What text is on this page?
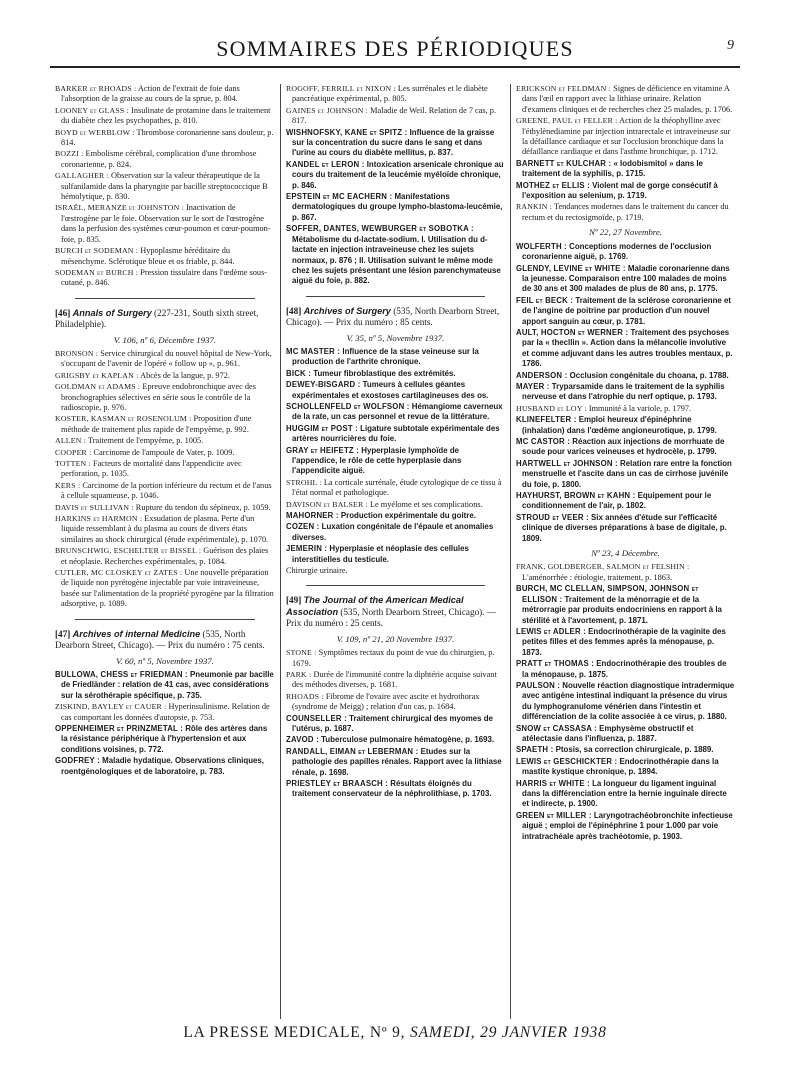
SOMMAIRES DES PÉRIODIQUES	9
BARKER et RHOADS : Action de l'extrait de foie dans l'absorption de la graisse au cours de la sprue, p. 804.
LOONEY et GLASS : Insulinate de protamine dans le traitement du diabète chez les psychopathes, p. 810.
BOYD et WERBLOW : Thrombose coronarienne sans douleur, p. 814.
BOZZI : Embolisme cérébral, complication d'une thrombose coronarienne, p. 824.
GALLAGHER : Observation sur la valeur thérapeutique de la sulfanilamide dans la pharyngite par bacille streptococcique B hémolytique, p. 830.
ISRAËL, MERANZE et JOHNSTON : Inactivation de l'œstrogène par le foie. Observation sur le sort de l'œstrogène dans la perfusion des systèmes cœur-poumon et cœur-poumon-foie, p. 835.
BURCH et SODEMAN : Hypoplasme héréditaire du mésenchyme. Sclérotique bleue et os friable, p. 844.
SODEMAN et BURCH : Pression tissulaire dans l'œdème sous-cutané, p. 846.
[46] Annals of Surgery (227-231, South sixth street, Philadelphie).
V. 106, nº 6, Décembre 1937.
BRONSON : Service chirurgical du nouvel hôpital de New-York, s'occupant de l'avenir de l'opéré « follow up », p. 961.
GRIGSBY et KAPLAN : Abcès de la langue, p. 972.
GOLDMAN et ADAMS : Epreuve endobronchique avec des bronchographies sélectives en série sous le contrôle de la radioscopie, p. 976.
KOSTER, KASMAN et ROSENOLUM : Proposition d'une méthode de traitement plus rapide de l'empyème, p. 992.
ALLEN : Traitement de l'empyème, p. 1005.
COOPER : Carcinome de l'ampoule de Vater, p. 1009.
TOTTEN : Facteurs de mortalité dans l'appendicite avec perforation, p. 1035.
KERS : Carcinome de la portion inférieure du rectum et de l'anus à cellule squameuse, p. 1046.
DAVIS et SULLIVAN : Rupture du tendon du sépineux, p. 1059.
HARKINS et HARMON : Exsudation de plasma. Perte d'un liquide ressemblant à du plasma au cours de divers états similaires au shock chirurgical (étude expérimentale), p. 1070.
BRUNSCHWIG, ESCHELTER et BISSEL : Guérison des plaies et néoplasie. Recherches expérimentales, p. 1084.
CUTLER, MC CLOSKEY et ZATES : Une nouvelle préparation de liquide non pyrétogène injectable par voie intraveineuse, basée sur l'alimentation de la propriété pyrogène par la filtration adsorptive, p. 1089.
[47] Archives of internal Medicine (535, North Dearborn Street, Chicago). — Prix du numéro : 75 cents.
V. 60, nº 5, Novembre 1937.
BULLOWA, CHESS et FRIEDMAN : Pneumonie par bacille de Friedländer : relation de 41 cas, avec considérations sur la sérothérapie spécifique, p. 735.
ZISKIND, BAYLEY et CAUER : Hyperinsulinisme. Relation de cas comportant les données d'autopsie, p. 753.
OPPENHEIMER et PRINZMETAL : Rôle des artères dans la résistance périphérique à l'hypertension et aux conditions voisines, p. 772.
GODFREY : Maladie hydatique. Observations cliniques, roentgénologiques et de laboratoire, p. 783.
ROGOFF, FERRILL et NIXON : Les surrénales et le diabète pancréatique expérimental, p. 805.
GAINES et JOHNSON : Maladie de Weil. Relation de 7 cas, p. 817.
WISHNOFSKY, KANE et SPITZ : Influence de la graisse sur la concentration du sucre dans le sang et dans l'urine au cours du diabète mellitus, p. 837.
KANDEL et LERON : Intoxication arsenicale chronique au cours du traitement de la leucémie myéloïde chronique, p. 846.
EPSTEIN et MC EACHERN : Manifestations dermatologiques du groupe lympho-blastoma-leucémie, p. 867.
SOFFER, DANTES, WEWBURGER et SOBOTKA : Métabolisme du d-lactate-sodium. I. Utilisation du d-lactate en injection intraveineuse chez les sujets normaux, p. 876 ; II. Utilisation suivant le même mode chez les sujets présentant une lésion parenchymateuse aiguë du foie, p. 882.
[48] Archives of Surgery (535, North Dearborn Street, Chicago). — Prix du numéro : 85 cents.
V. 35, nº 5, Novembre 1937.
MC MASTER : Influence de la stase veineuse sur la production de l'arthrite chronique.
BICK : Tumeur fibroblastique des extrémités.
DEWEY-BISGARD : Tumeurs à cellules géantes expérimentales et exostoses cartilagineuses des os.
SCHOLLENFELD et WOLFSON : Hémangiome caverneux de la rate, un cas personnel et revue de la littérature.
HUGGIM et POST : Ligature subtotale expérimentale des artères nourricières du foie.
GRAY et HEIFETZ : Hyperplasie lymphoïde de l'appendice, le rôle de cette hyperplasie dans l'appendicite aiguë.
STROHL : La corticale surrénale, étude cytologique de ce tissu à l'état normal et pathologique.
DAVISON et BALSER : Le myélome et ses complications.
MAHORNER : Production expérimentale du goitre.
COZEN : Luxation congénitale de l'épaule et anomalies diverses.
JEMERIN : Hyperplasie et néoplasie des cellules interstitielles du testicule.
Chirurgie urinaire.
[49] The Journal of the American Medical Association (535, North Dearborn Street, Chicago). — Prix du numéro : 25 cents.
V. 109, nº 21, 20 Novembre 1937.
STONE : Symptômes rectaux du point de vue du chirurgien, p. 1679.
PARK : Durée de l'immunité contre la diphtérie acquise suivant des méthodes diverses, p. 1681.
RHOADS : Fibrome de l'ovaire avec ascite et hydrothorax (syndrome de Meigg) ; relation d'un cas, p. 1684.
COUNSELLER : Traitement chirurgical des myomes de l'utérus, p. 1687.
ZAVOD : Tuberculose pulmonaire hématogène, p. 1693.
RANDALL, EIMAN et LEBERMAN : Etudes sur la pathologie des papilles rénales. Rapport avec la lithiase rénale, p. 1698.
PRIESTLEY et BRAASCH : Résultats éloignés du traitement conservateur de la néphrolithiase, p. 1703.
ERICKSON et FELDMAN : Signes de déficience en vitamine A dans l'œil en rapport avec la lithiase urinaire. Relation d'examens cliniques et de recherches chez 25 malades, p. 1706.
GREENE, PAUL et FELLER : Action de la théophylline avec l'éthylènediamine par injection intrarectale et intraveineuse sur la défaillance cardiaque et sur l'occlusion bronchique dans la défaillance cardiaque et dans l'asthme bronchique, p. 1712.
BARNETT et KULCHAR : « Iodobismitol » dans le traitement de la syphilis, p. 1715.
MOTHEZ et ELLIS : Violent mal de gorge consécutif à l'exposition au selenium, p. 1719.
RANKIN : Tendances modernes dans le traitement du cancer du rectum et du rectosigmoïde, p. 1719.
Nº 22, 27 Novembre.
WOLFERTH : Conceptions modernes de l'occlusion coronarienne aiguë, p. 1769.
GLENDY, LEVINE et WHITE : Maladie coronarienne dans la jeunesse. Comparaison entre 100 malades de moins de 30 ans et 300 malades de plus de 80 ans, p. 1775.
FEIL et BECK : Traitement de la sclérose coronarienne et de l'angine de poitrine par production d'un nouvel apport sanguin au cœur, p. 1781.
AULT, HOCTON et WERNER : Traitement des psychoses par la « thecllin ». Action dans la mélancolie involutive et comme adjuvant dans les autres troubles mentaux, p. 1786.
ANDERSON : Occlusion congénitale du choana, p. 1788.
MAYER : Tryparsamide dans le traitement de la syphilis nerveuse et dans l'atrophie du nerf optique, p. 1793.
HUSBAND et LOY : Immunité à la variole, p. 1797.
KLINEFELTER : Emploi heureux d'épinéphrine (inhalation) dans l'œdème angioneurotique, p. 1799.
MC CASTOR : Réaction aux injections de morrhuate de soude pour varices veineuses et hydrocèle, p. 1799.
HARTWELL et JOHNSON : Relation rare entre la fonction menstruelle et l'ascite dans un cas de cirrhose juvénile du foie, p. 1800.
HAYHURST, BROWN et KAHN : Equipement pour le conditionnement de l'air, p. 1802.
STROUD et VEER : Six années d'étude sur l'efficacité clinique de diverses préparations à base de digitale, p. 1809.
Nº 23, 4 Décembre.
FRANK, GOLDBERGER, SALMON et FELSHIN : L'aménorrhée : étiologie, traitement, p. 1863.
BURCH, MC CLELLAN, SIMPSON, JOHNSON et ELLISON : Traitement de la ménorragie et de la métrorragie par produits endocriniens en rapport à la stérilité et à l'avortement, p. 1871.
LEWIS et ADLER : Endocrinothérapie de la vaginite des petites filles et des femmes après la ménopause, p. 1873.
PRATT et THOMAS : Endocrinothérapie des troubles de la ménopause, p. 1875.
PAULSON : Nouvelle réaction diagnostique intradermique avec antigène intestinal indiquant la présence du virus du lymphogranulome vénérien dans l'intestin et différenciation de la colite associée à ce virus, p. 1880.
SNOW et CASSASA : Emphysème obstructif et atélectasie dans l'influenza, p. 1887.
SPAETH : Ptosis, sa correction chirurgicale, p. 1889.
LEWIS et GESCHICKTER : Endocrinothérapie dans la mastite kystique chronique, p. 1894.
HARRIS et WHITE : La longueur du ligament inguinal dans la différenciation entre la hernie inguinale directe et indirecte, p. 1900.
GREEN et MILLER : Laryngotrachéobronchite infectieuse aiguë ; emploi de l'épinéphrine 1 pour 1.000 par voie intratrachéale après trachéotomie, p. 1903.
LA PRESSE MEDICALE, Nº 9, SAMEDI, 29 JANVIER 1938
